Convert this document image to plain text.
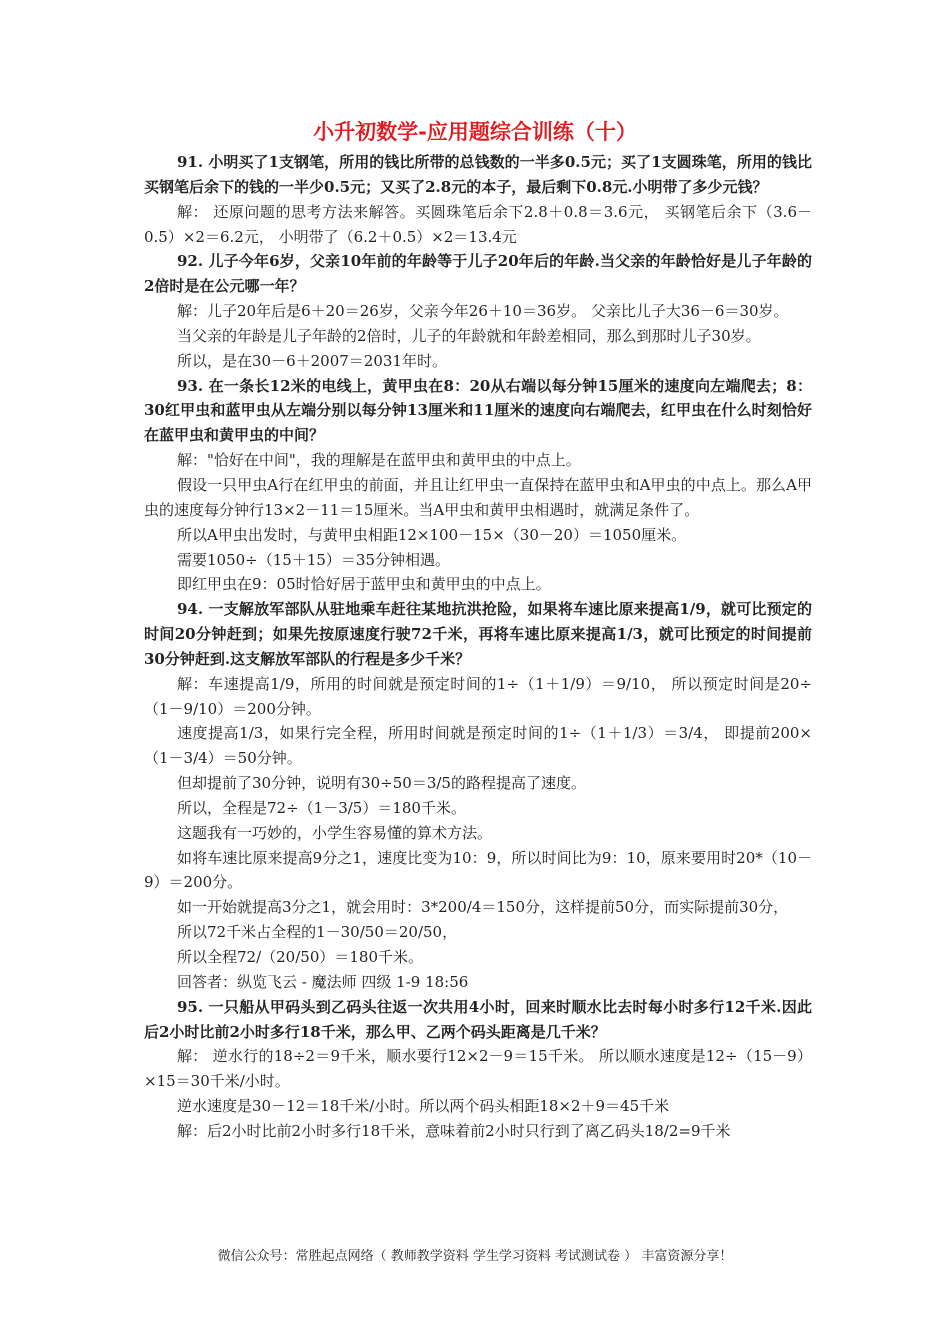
小升初数学-应用题综合训练（十）

91. 小明买了1支钢笔，所用的钱比所带的总钱数的一半多0.5元；买了1支圆珠笔，所用的钱比买钢笔后余下的钱的一半少0.5元；又买了2.8元的本子，最后剩下0.8元.小明带了多少元钱？

解： 还原问题的思考方法来解答。买圆珠笔后余下2.8＋0.8＝3.6元， 买钢笔后余下（3.6－0.5）×2＝6.2元， 小明带了（6.2＋0.5）×2＝13.4元

92. 儿子今年6岁，父亲10年前的年龄等于儿子20年后的年龄.当父亲的年龄恰好是儿子年龄的2倍时是在公元哪一年？

解：儿子20年后是6＋20＝26岁，父亲今年26＋10＝36岁。 父亲比儿子大36－6＝30岁。

当父亲的年龄是儿子年龄的2倍时，儿子的年龄就和年龄差相同，那么到那时儿子30岁。

所以，是在30－6＋2007＝2031年时。

93. 在一条长12米的电线上，黄甲虫在8：20从右端以每分钟15厘米的速度向左端爬去；8：30红甲虫和蓝甲虫从左端分别以每分钟13厘米和11厘米的速度向右端爬去，红甲虫在什么时刻恰好在蓝甲虫和黄甲虫的中间？

解："恰好在中间"，我的理解是在蓝甲虫和黄甲虫的中点上。

假设一只甲虫A行在红甲虫的前面，并且让红甲虫一直保持在蓝甲虫和A甲虫的中点上。那么A甲虫的速度每分钟行13×2－11＝15厘米。当A甲虫和黄甲虫相遇时，就满足条件了。

所以A甲虫出发时，与黄甲虫相距12×100－15×（30－20）＝1050厘米。

需要1050÷（15＋15）＝35分钟相遇。

即红甲虫在9：05时恰好居于蓝甲虫和黄甲虫的中点上。

94. 一支解放军部队从驻地乘车赶往某地抗洪抢险，如果将车速比原来提高1/9，就可比预定的时间20分钟赶到；如果先按原速度行驶72千米，再将车速比原来提高1/3，就可比预定的时间提前30分钟赶到.这支解放军部队的行程是多少千米？

解：车速提高1/9，所用的时间就是预定时间的1÷（1＋1/9）＝9/10， 所以预定时间是20÷（1－9/10）＝200分钟。

速度提高1/3，如果行完全程，所用时间就是预定时间的1÷（1＋1/3）＝3/4， 即提前200×（1－3/4）＝50分钟。

但却提前了30分钟，说明有30÷50＝3/5的路程提高了速度。

所以，全程是72÷（1－3/5）＝180千米。

这题我有一巧妙的，小学生容易懂的算术方法。

如将车速比原来提高9分之1，速度比变为10：9，所以时间比为9：10，原来要用时20*（10－9）＝200分。

如一开始就提高3分之1，就会用时：3*200/4＝150分，这样提前50分，而实际提前30分，

所以72千米占全程的1－30/50＝20/50，

所以全程72/（20/50）＝180千米。

回答者：纵览飞云 - 魔法师 四级 1-9 18:56

95. 一只船从甲码头到乙码头往返一次共用4小时，回来时顺水比去时每小时多行12千米.因此后2小时比前2小时多行18千米，那么甲、乙两个码头距离是几千米？

解： 逆水行的18÷2＝9千米，顺水要行12×2－9＝15千米。 所以顺水速度是12÷（15－9）×15＝30千米/小时。

逆水速度是30－12＝18千米/小时。所以两个码头相距18×2＋9＝45千米

解：后2小时比前2小时多行18千米，意味着前2小时只行到了离乙码头18/2=9千米

微信公众号：常胜起点网络（ 教师教学资料 学生学习资料 考试测试卷 ） 丰富资源分享！
